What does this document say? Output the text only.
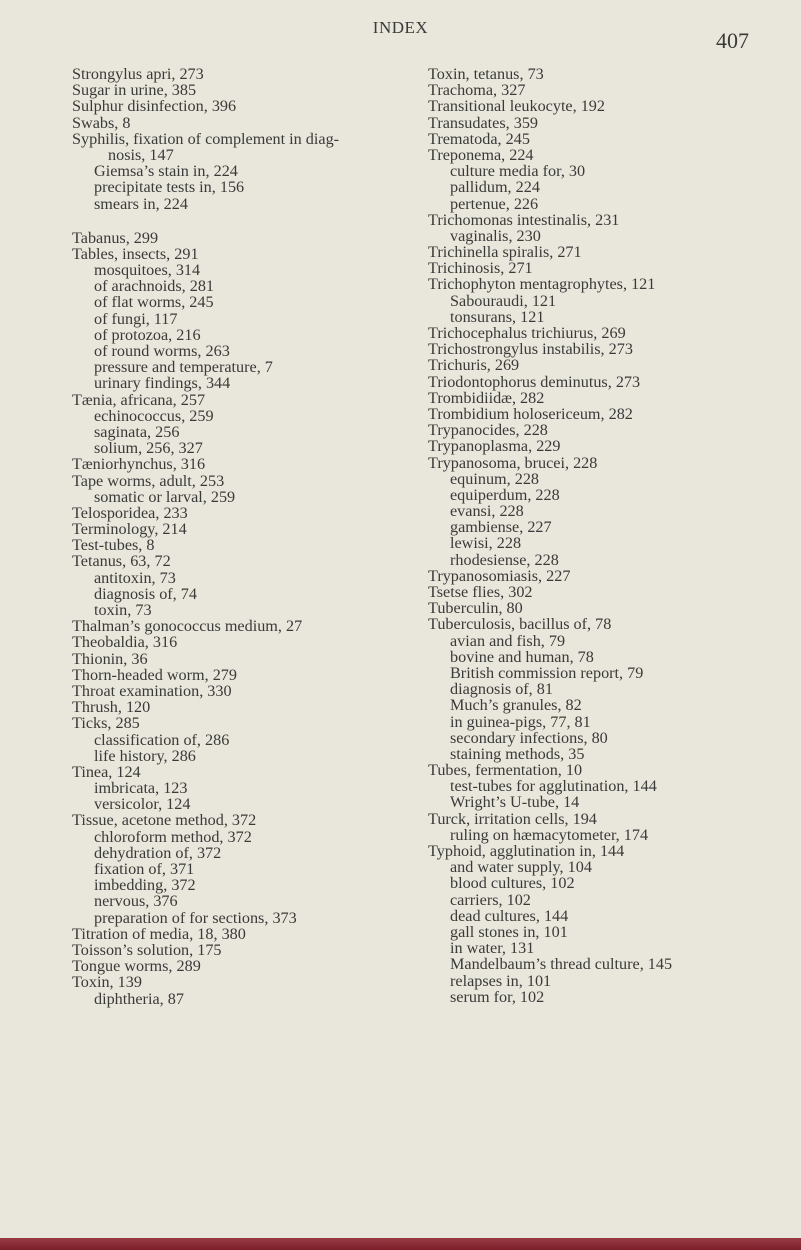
INDEX
407
Strongylus apri, 273
Sugar in urine, 385
Sulphur disinfection, 396
Swabs, 8
Syphilis, fixation of complement in diag-
nosis, 147
Giemsa’s stain in, 224
precipitate tests in, 156
smears in, 224
Tabanus, 299
Tables, insects, 291
mosquitoes, 314
of arachnoids, 281
of flat worms, 245
of fungi, 117
of protozoa, 216
of round worms, 263
pressure and temperature, 7
urinary findings, 344
Tænia, africana, 257
echinococcus, 259
saginata, 256
solium, 256, 327
Tæniorhynchus, 316
Tape worms, adult, 253
somatic or larval, 259
Telosporidea, 233
Terminology, 214
Test-tubes, 8
Tetanus, 63, 72
antitoxin, 73
diagnosis of, 74
toxin, 73
Thalman’s gonococcus medium, 27
Theobaldia, 316
Thionin, 36
Thorn-headed worm, 279
Throat examination, 330
Thrush, 120
Ticks, 285
classification of, 286
life history, 286
Tinea, 124
imbricata, 123
versicolor, 124
Tissue, acetone method, 372
chloroform method, 372
dehydration of, 372
fixation of, 371
imbedding, 372
nervous, 376
preparation of for sections, 373
Titration of media, 18, 380
Toisson’s solution, 175
Tongue worms, 289
Toxin, 139
diphtheria, 87
Toxin, tetanus, 73
Trachoma, 327
Transitional leukocyte, 192
Transudates, 359
Trematoda, 245
Treponema, 224
culture media for, 30
pallidum, 224
pertenue, 226
Trichomonas intestinalis, 231
vaginalis, 230
Trichinella spiralis, 271
Trichinosis, 271
Trichophyton mentagrophytes, 121
Sabouraudi, 121
tonsurans, 121
Trichocephalus trichiurus, 269
Trichostrongylus instabilis, 273
Trichuris, 269
Triodontophorus deminutus, 273
Trombidiidæ, 282
Trombidium holosericeum, 282
Trypanocides, 228
Trypanoplasma, 229
Trypanosoma, brucei, 228
equinum, 228
equiperdum, 228
evansi, 228
gambiense, 227
lewisi, 228
rhodesiense, 228
Trypanosomiasis, 227
Tsetse flies, 302
Tuberculin, 80
Tuberculosis, bacillus of, 78
avian and fish, 79
bovine and human, 78
British commission report, 79
diagnosis of, 81
Much’s granules, 82
in guinea-pigs, 77, 81
secondary infections, 80
staining methods, 35
Tubes, fermentation, 10
test-tubes for agglutination, 144
Wright’s U-tube, 14
Turck, irritation cells, 194
ruling on hæmacytometer, 174
Typhoid, agglutination in, 144
and water supply, 104
blood cultures, 102
carriers, 102
dead cultures, 144
gall stones in, 101
in water, 131
Mandelbaum’s thread culture, 145
relapses in, 101
serum for, 102
